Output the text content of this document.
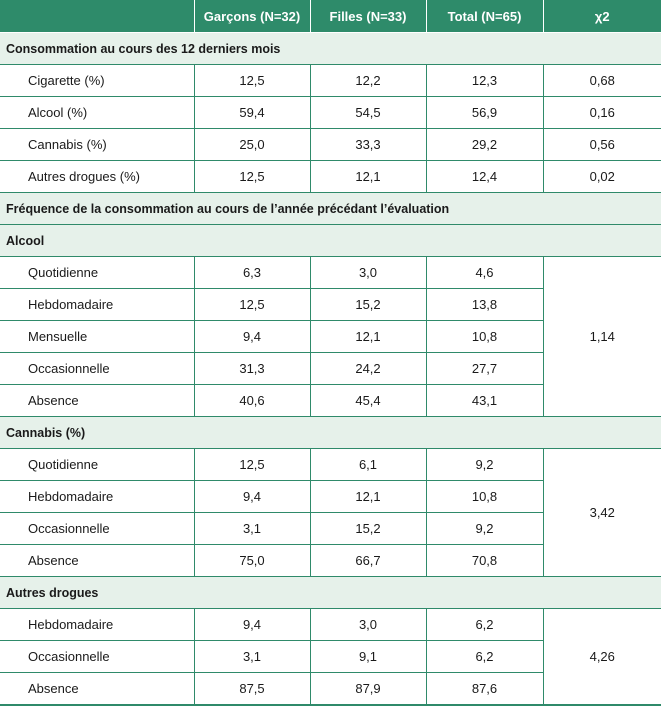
	Garçons (N=32)	Filles (N=33)	Total (N=65)	χ2
Consommation au cours des 12 derniers mois				
Cigarette (%)	12,5	12,2	12,3	0,68
Alcool (%)	59,4	54,5	56,9	0,16
Cannabis (%)	25,0	33,3	29,2	0,56
Autres drogues (%)	12,5	12,1	12,4	0,02
Fréquence de la consommation au cours de l’année précédant l’évaluation				
Alcool				
Quotidienne	6,3	3,0	4,6	1,14
Hebdomadaire	12,5	15,2	13,8	
Mensuelle	9,4	12,1	10,8	
Occasionnelle	31,3	24,2	27,7	
Absence	40,6	45,4	43,1	
Cannabis (%)				
Quotidienne	12,5	6,1	9,2	3,42
Hebdomadaire	9,4	12,1	10,8	
Occasionnelle	3,1	15,2	9,2	
Absence	75,0	66,7	70,8	
Autres drogues				
Hebdomadaire	9,4	3,0	6,2	4,26
Occasionnelle	3,1	9,1	6,2	
Absence	87,5	87,9	87,6	
